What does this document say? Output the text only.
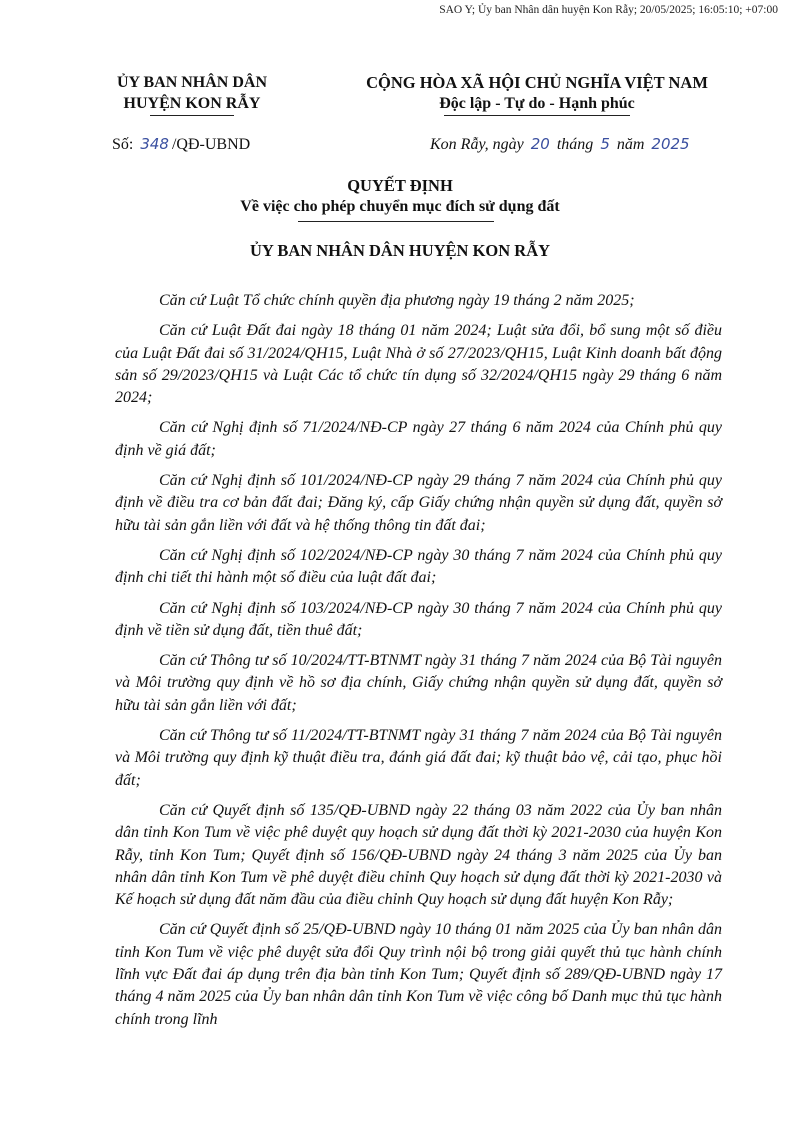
SAO Y; Ủy ban Nhân dân huyện Kon Rẫy; 20/05/2025; 16:05:10; +07:00
ỦY BAN NHÂN DÂN
HUYỆN KON RẪY
CỘNG HÒA XÃ HỘI CHỦ NGHĨA VIỆT NAM
Độc lập - Tự do - Hạnh phúc
Số: 348 /QĐ-UBND	Kon Rẫy, ngày 20 tháng 5 năm 2025
QUYẾT ĐỊNH
Về việc cho phép chuyển mục đích sử dụng đất
ỦY BAN NHÂN DÂN HUYỆN KON RẪY

Căn cứ Luật Tổ chức chính quyền địa phương ngày 19 tháng 2 năm 2025;

Căn cứ Luật Đất đai ngày 18 tháng 01 năm 2024; Luật sửa đổi, bổ sung một số điều của Luật Đất đai số 31/2024/QH15, Luật Nhà ở số 27/2023/QH15, Luật Kinh doanh bất động sản số 29/2023/QH15 và Luật Các tổ chức tín dụng số 32/2024/QH15 ngày 29 tháng 6 năm 2024;

Căn cứ Nghị định số 71/2024/NĐ-CP ngày 27 tháng 6 năm 2024 của Chính phủ quy định về giá đất;

Căn cứ Nghị định số 101/2024/NĐ-CP ngày 29 tháng 7 năm 2024 của Chính phủ quy định về điều tra cơ bản đất đai; Đăng ký, cấp Giấy chứng nhận quyền sử dụng đất, quyền sở hữu tài sản gắn liền với đất và hệ thống thông tin đất đai;

Căn cứ Nghị định số 102/2024/NĐ-CP ngày 30 tháng 7 năm 2024 của Chính phủ quy định chi tiết thi hành một số điều của luật đất đai;

Căn cứ Nghị định số 103/2024/NĐ-CP ngày 30 tháng 7 năm 2024 của Chính phủ quy định về tiền sử dụng đất, tiền thuê đất;

Căn cứ Thông tư số 10/2024/TT-BTNMT ngày 31 tháng 7 năm 2024 của Bộ Tài nguyên và Môi trường quy định về hồ sơ địa chính, Giấy chứng nhận quyền sử dụng đất, quyền sở hữu tài sản gắn liền với đất;

Căn cứ Thông tư số 11/2024/TT-BTNMT ngày 31 tháng 7 năm 2024 của Bộ Tài nguyên và Môi trường quy định kỹ thuật điều tra, đánh giá đất đai; kỹ thuật bảo vệ, cải tạo, phục hồi đất;

Căn cứ Quyết định số 135/QĐ-UBND ngày 22 tháng 03 năm 2022 của Ủy ban nhân dân tỉnh Kon Tum về việc phê duyệt quy hoạch sử dụng đất thời kỳ 2021-2030 của huyện Kon Rẫy, tỉnh Kon Tum; Quyết định số 156/QĐ-UBND ngày 24 tháng 3 năm 2025 của Ủy ban nhân dân tỉnh Kon Tum về phê duyệt điều chỉnh Quy hoạch sử dụng đất thời kỳ 2021-2030 và Kế hoạch sử dụng đất năm đầu của điều chỉnh Quy hoạch sử dụng đất huyện Kon Rẫy;

Căn cứ Quyết định số 25/QĐ-UBND ngày 10 tháng 01 năm 2025 của Ủy ban nhân dân tỉnh Kon Tum về việc phê duyệt sửa đổi Quy trình nội bộ trong giải quyết thủ tục hành chính lĩnh vực Đất đai áp dụng trên địa bàn tỉnh Kon Tum; Quyết định số 289/QĐ-UBND ngày 17 tháng 4 năm 2025 của Ủy ban nhân dân tỉnh Kon Tum về việc công bố Danh mục thủ tục hành chính trong lĩnh
